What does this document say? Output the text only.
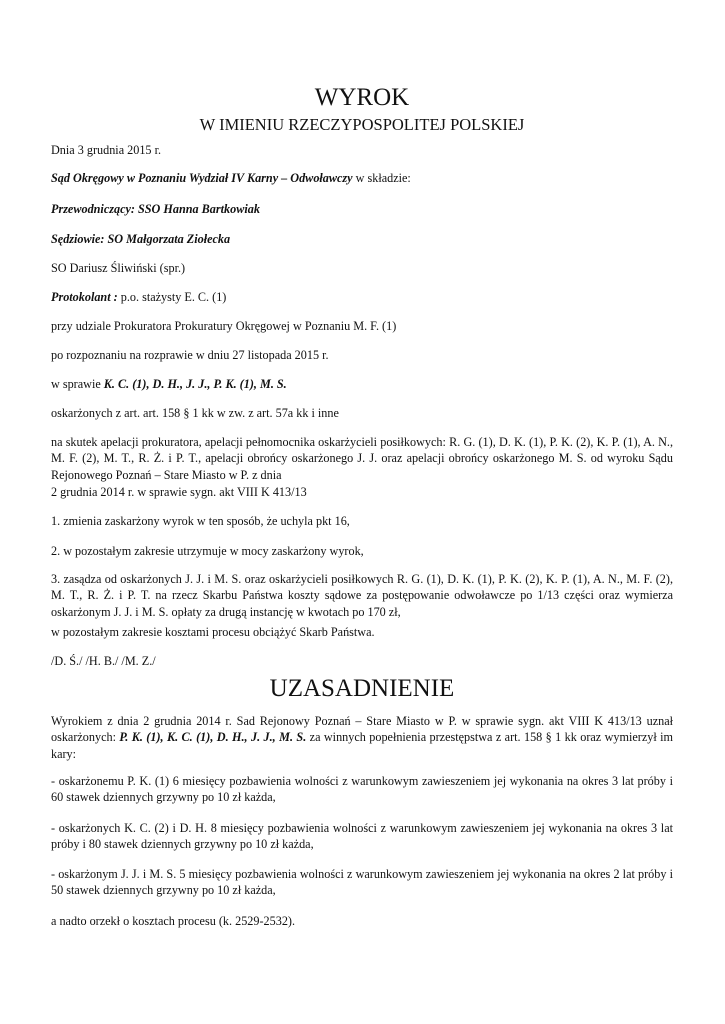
WYROK

W IMIENIU RZECZYPOSPOLITEJ POLSKIEJ

Dnia 3 grudnia 2015 r.

Sąd Okręgowy w Poznaniu Wydział IV Karny – Odwoławczy w składzie:

Przewodniczący: SSO Hanna Bartkowiak

Sędziowie: SO Małgorzata Ziołecka

SO Dariusz Śliwiński (spr.)

Protokolant : p.o. stażysty E. C. (1)

przy udziale Prokuratora Prokuratury Okręgowej w Poznaniu M. F. (1)

po rozpoznaniu na rozprawie w dniu 27 listopada 2015 r.

w sprawie K. C. (1), D. H., J. J., P. K. (1), M. S.

oskarżonych z art. art. 158 § 1 kk w zw. z art. 57a kk i inne

na skutek apelacji prokuratora, apelacji pełnomocnika oskarżycieli posiłkowych: R. G. (1), D. K. (1), P. K. (2), K. P. (1), A. N., M. F. (2), M. T., R. Ż. i P. T., apelacji obrońcy oskarżonego J. J. oraz apelacji obrońcy oskarżonego M. S. od wyroku Sądu Rejonowego Poznań – Stare Miasto w P. z dnia

2 grudnia 2014 r. w sprawie sygn. akt VIII K 413/13

1. zmienia zaskarżony wyrok w ten sposób, że uchyla pkt 16,

2. w pozostałym zakresie utrzymuje w mocy zaskarżony wyrok,

3. zasądza od oskarżonych J. J. i M. S. oraz oskarżycieli posiłkowych R. G. (1), D. K. (1), P. K. (2), K. P. (1), A. N., M. F. (2), M. T., R. Ż. i P. T. na rzecz Skarbu Państwa koszty sądowe za postępowanie odwoławcze po 1/13 części oraz wymierza oskarżonym J. J. i M. S. opłaty za drugą instancję w kwotach po 170 zł,

w pozostałym zakresie kosztami procesu obciążyć Skarb Państwa.

/D. Ś./ /H. B./ /M. Z./

UZASADNIENIE

Wyrokiem z dnia 2 grudnia 2014 r. Sad Rejonowy Poznań – Stare Miasto w P. w sprawie sygn. akt VIII K 413/13 uznał oskarżonych: P. K. (1), K. C. (1), D. H., J. J., M. S. za winnych popełnienia przestępstwa z art. 158 § 1 kk oraz wymierzył im kary:

- oskarżonemu P. K. (1) 6 miesięcy pozbawienia wolności z warunkowym zawieszeniem jej wykonania na okres 3 lat próby i 60 stawek dziennych grzywny po 10 zł każda,

- oskarżonych K. C. (2) i D. H. 8 miesięcy pozbawienia wolności z warunkowym zawieszeniem jej wykonania na okres 3 lat próby i 80 stawek dziennych grzywny po 10 zł każda,

- oskarżonym J. J. i M. S. 5 miesięcy pozbawienia wolności z warunkowym zawieszeniem jej wykonania na okres 2 lat próby i 50 stawek dziennych grzywny po 10 zł każda,

a nadto orzekł o kosztach procesu (k. 2529-2532).
